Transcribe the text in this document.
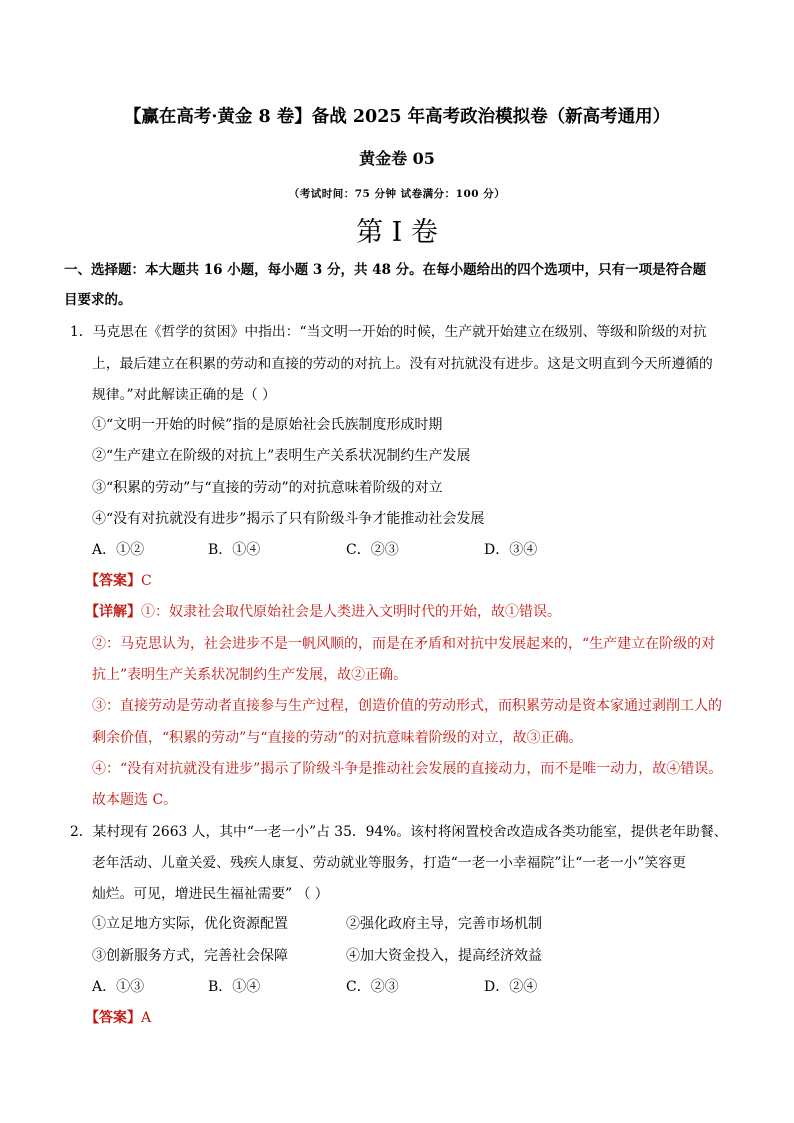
【赢在高考·黄金 8 卷】备战 2025 年高考政治模拟卷（新高考通用）
黄金卷 05
（考试时间：75 分钟 试卷满分：100 分）
第 I 卷
一、选择题：本大题共 16 小题，每小题 3 分，共 48 分。在每小题给出的四个选项中，只有一项是符合题
目要求的。
1．马克思在《哲学的贫困》中指出：“当文明一开始的时候，生产就开始建立在级别、等级和阶级的对抗
上，最后建立在积累的劳动和直接的劳动的对抗上。没有对抗就没有进步。这是文明直到今天所遵循的
规律。”对此解读正确的是（ ）
①“文明一开始的时候”指的是原始社会氏族制度形成时期
②“生产建立在阶级的对抗上”表明生产关系状况制约生产发展
③“积累的劳动”与“直接的劳动”的对抗意味着阶级的对立
④“没有对抗就没有进步”揭示了只有阶级斗争才能推动社会发展
A．①②	B．①④	C．②③	D．③④
【答案】C
【详解】①：奴隶社会取代原始社会是人类进入文明时代的开始，故①错误。
②：马克思认为，社会进步不是一帆风顺的，而是在矛盾和对抗中发展起来的，“生产建立在阶级的对
抗上”表明生产关系状况制约生产发展，故②正确。
③：直接劳动是劳动者直接参与生产过程，创造价值的劳动形式，而积累劳动是资本家通过剥削工人的
剩余价值，“积累的劳动”与“直接的劳动”的对抗意味着阶级的对立，故③正确。
④：“没有对抗就没有进步”揭示了阶级斗争是推动社会发展的直接动力，而不是唯一动力，故④错误。
故本题选 C。
2．某村现有 2663 人，其中“一老一小”占 35．94%。该村将闲置校舍改造成各类功能室，提供老年助餐、
老年活动、儿童关爱、残疾人康复、劳动就业等服务，打造“一老一小幸福院”让“一老一小”笑容更
灿烂。可见，增进民生福祉需要” （ ）
①立足地方实际，优化资源配置	②强化政府主导，完善市场机制
③创新服务方式，完善社会保障	④加大资金投入，提高经济效益
A．①③	B．①④	C．②③	D．②④
【答案】A
